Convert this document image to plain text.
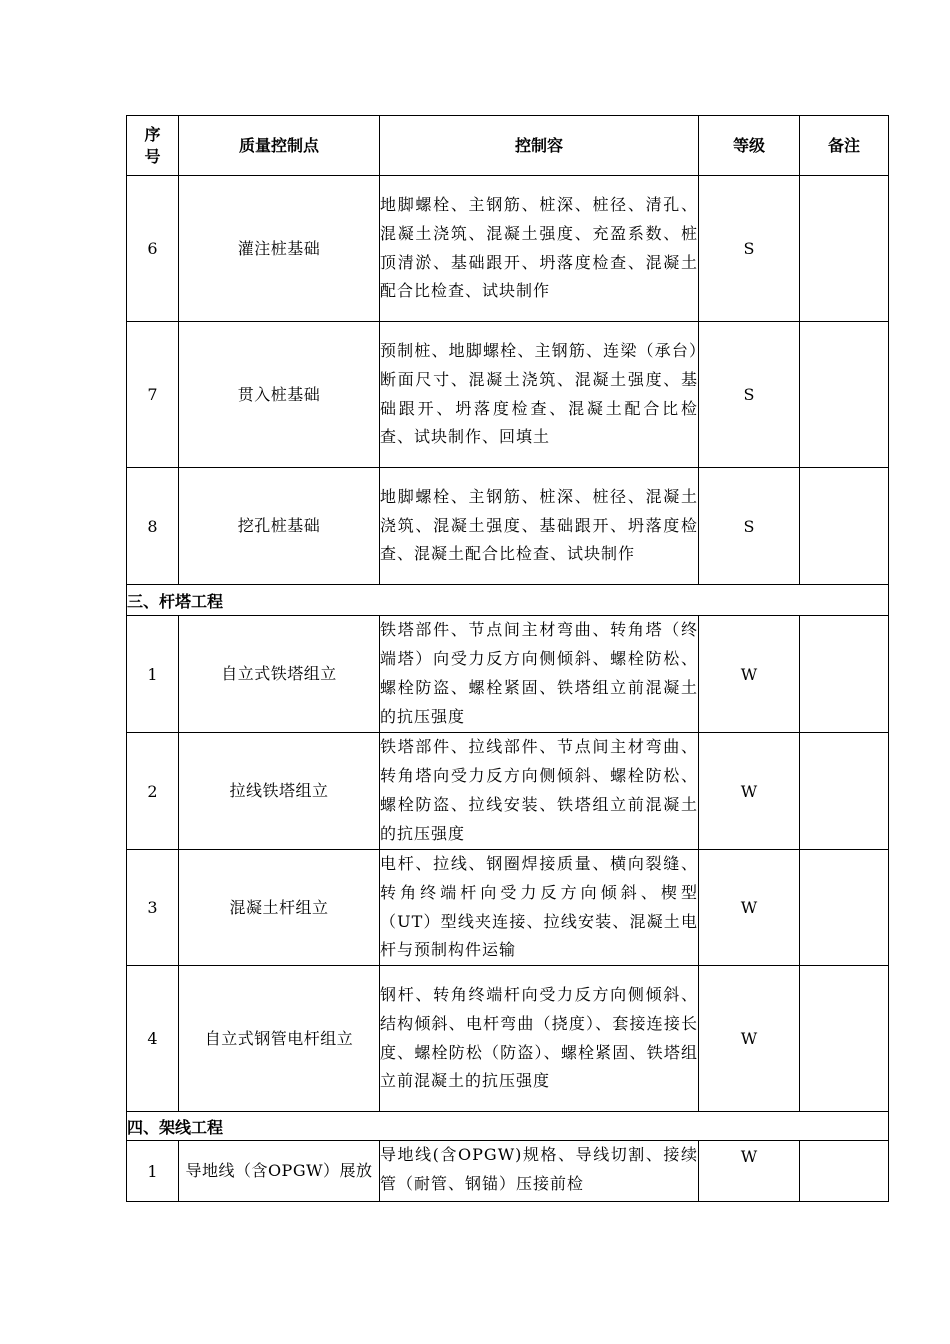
序号	质量控制点	控制容	等级	备注
6	灌注桩基础	地脚螺栓、主钢筋、桩深、桩径、清孔、混凝土浇筑、混凝土强度、充盈系数、桩顶清淤、基础跟开、坍落度检查、混凝土配合比检查、试块制作	S	
7	贯入桩基础	预制桩、地脚螺栓、主钢筋、连梁（承台）断面尺寸、混凝土浇筑、混凝土强度、基础跟开、坍落度检查、混凝土配合比检查、试块制作、回填土	S	
8	挖孔桩基础	地脚螺栓、主钢筋、桩深、桩径、混凝土浇筑、混凝土强度、基础跟开、坍落度检查、混凝土配合比检查、试块制作	S	
三、杆塔工程				
1	自立式铁塔组立	铁塔部件、节点间主材弯曲、转角塔（终端塔）向受力反方向侧倾斜、螺栓防松、螺栓防盗、螺栓紧固、铁塔组立前混凝土的抗压强度	W	
2	拉线铁塔组立	铁塔部件、拉线部件、节点间主材弯曲、转角塔向受力反方向侧倾斜、螺栓防松、螺栓防盗、拉线安装、铁塔组立前混凝土的抗压强度	W	
3	混凝土杆组立	电杆、拉线、钢圈焊接质量、横向裂缝、转角终端杆向受力反方向倾斜、楔型（UT）型线夹连接、拉线安装、混凝土电杆与预制构件运输	W	
4	自立式钢管电杆组立	钢杆、转角终端杆向受力反方向侧倾斜、结构倾斜、电杆弯曲（挠度）、套接连接长度、螺栓防松（防盗）、螺栓紧固、铁塔组立前混凝土的抗压强度	W	
四、架线工程				
1	导地线（含OPGW）展放	导地线(含OPGW)规格、导线切割、接续管（耐管、钢锚）压接前检	W	
